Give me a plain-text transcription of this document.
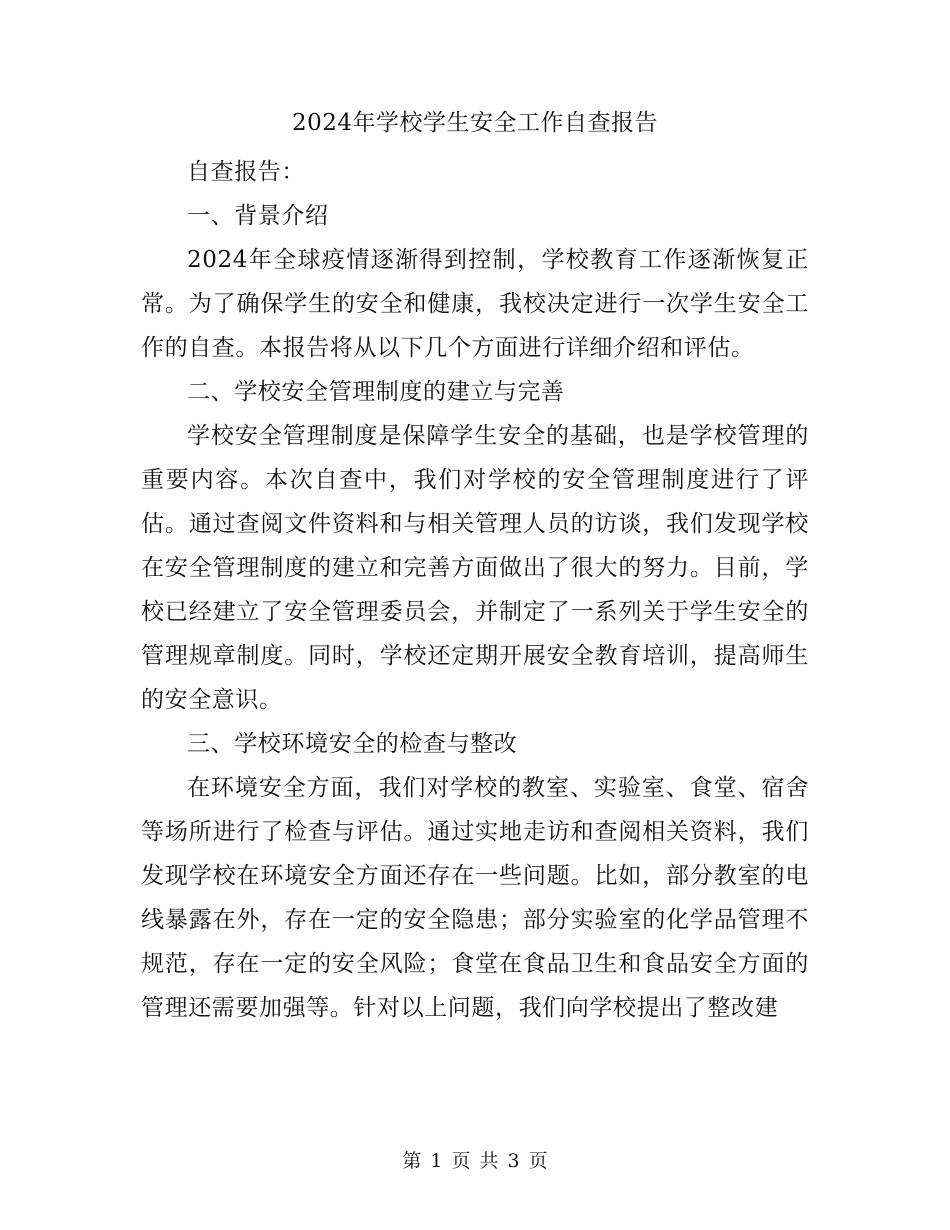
2024年学校学生安全工作自查报告

自查报告：

一、背景介绍

2024年全球疫情逐渐得到控制，学校教育工作逐渐恢复正常。为了确保学生的安全和健康，我校决定进行一次学生安全工作的自查。本报告将从以下几个方面进行详细介绍和评估。

二、学校安全管理制度的建立与完善

学校安全管理制度是保障学生安全的基础，也是学校管理的重要内容。本次自查中，我们对学校的安全管理制度进行了评估。通过查阅文件资料和与相关管理人员的访谈，我们发现学校在安全管理制度的建立和完善方面做出了很大的努力。目前，学校已经建立了安全管理委员会，并制定了一系列关于学生安全的管理规章制度。同时，学校还定期开展安全教育培训，提高师生的安全意识。

三、学校环境安全的检查与整改

在环境安全方面，我们对学校的教室、实验室、食堂、宿舍等场所进行了检查与评估。通过实地走访和查阅相关资料，我们发现学校在环境安全方面还存在一些问题。比如，部分教室的电线暴露在外，存在一定的安全隐患；部分实验室的化学品管理不规范，存在一定的安全风险；食堂在食品卫生和食品安全方面的管理还需要加强等。针对以上问题，我们向学校提出了整改建

第 1 页 共 3 页
